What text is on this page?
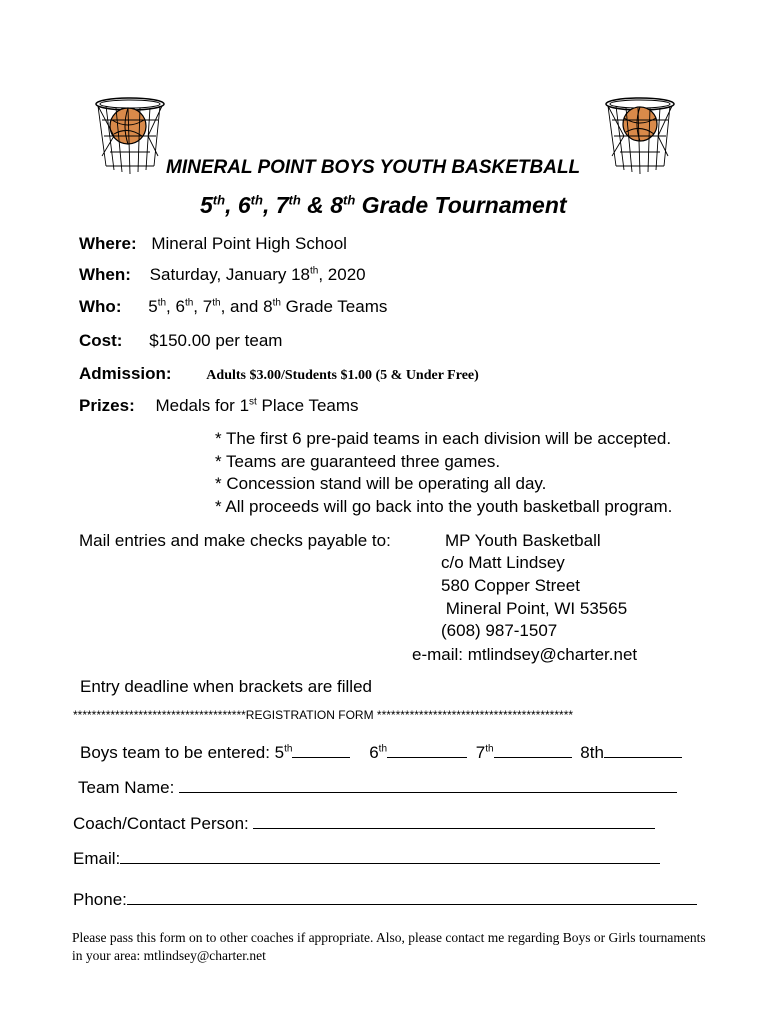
MINERAL POINT BOYS YOUTH BASKETBALL
5th, 6th, 7th & 8th Grade Tournament
Where: Mineral Point High School
When: Saturday, January 18th, 2020
Who: 5th, 6th, 7th, and 8th Grade Teams
Cost: $150.00 per team
Admission: Adults $3.00/Students $1.00 (5 & Under Free)
Prizes: Medals for 1st Place Teams
* The first 6 pre-paid teams in each division will be accepted.
* Teams are guaranteed three games.
* Concession stand will be operating all day.
* All proceeds will go back into the youth basketball program.
Mail entries and make checks payable to:	MP Youth Basketball
c/o Matt Lindsey
580 Copper Street
Mineral Point, WI 53565
(608) 987-1507
e-mail: mtlindsey@charter.net
Entry deadline when brackets are filled
*************************************REGISTRATION FORM ******************************************
Boys team to be entered: 5th	6th	7th	8th
Team Name:
Coach/Contact Person:
Email:
Phone:
Please pass this form on to other coaches if appropriate. Also, please contact me regarding Boys or Girls tournaments in your area: mtlindsey@charter.net
